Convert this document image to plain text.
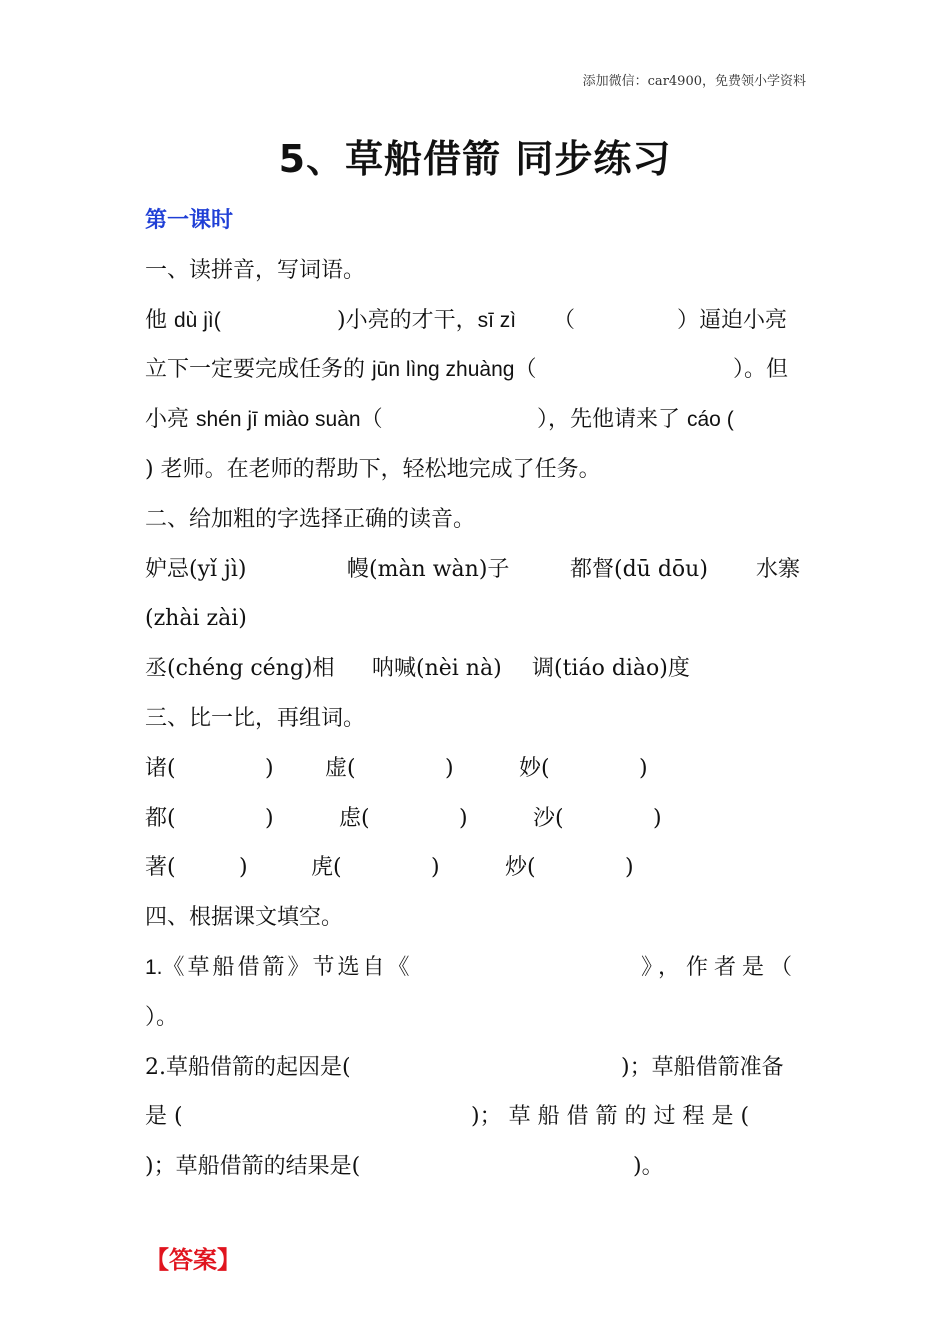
添加微信：car4900，免费领小学资料
5、草船借箭 同步练习
第一课时
一、读拼音，写词语。
他 dù jì(	)小亮的才干，sī zì （	）逼迫小亮
立下一定要完成任务的 jūn lìng zhuàng（	）。但
小亮 shén jī miào suàn（	），先他请来了 cáo (
) 老师。在老师的帮助下，轻松地完成了任务。
二、给加粗的字选择正确的读音。
妒忌(yǐ jì)	幔(màn wàn)子	都督(dū dōu) 水寨
(zhài zài)
丞(chéng céng)相 呐喊(nèi nà) 调(tiáo diào)度
三、比一比，再组词。
诸(	) 虚(	)	妙(	)
都(	)	虑(	)	沙(	)
著(	)	虎(	)	炒(	)
四、根据课文填空。
1.《草船借箭》节选自《	》，作者是（
）。
2.草船借箭的起因是(	)；草船借箭准备
是 (	)； 草 船 借 箭 的 过 程 是 (
)；草船借箭的结果是(	)。
【答案】
